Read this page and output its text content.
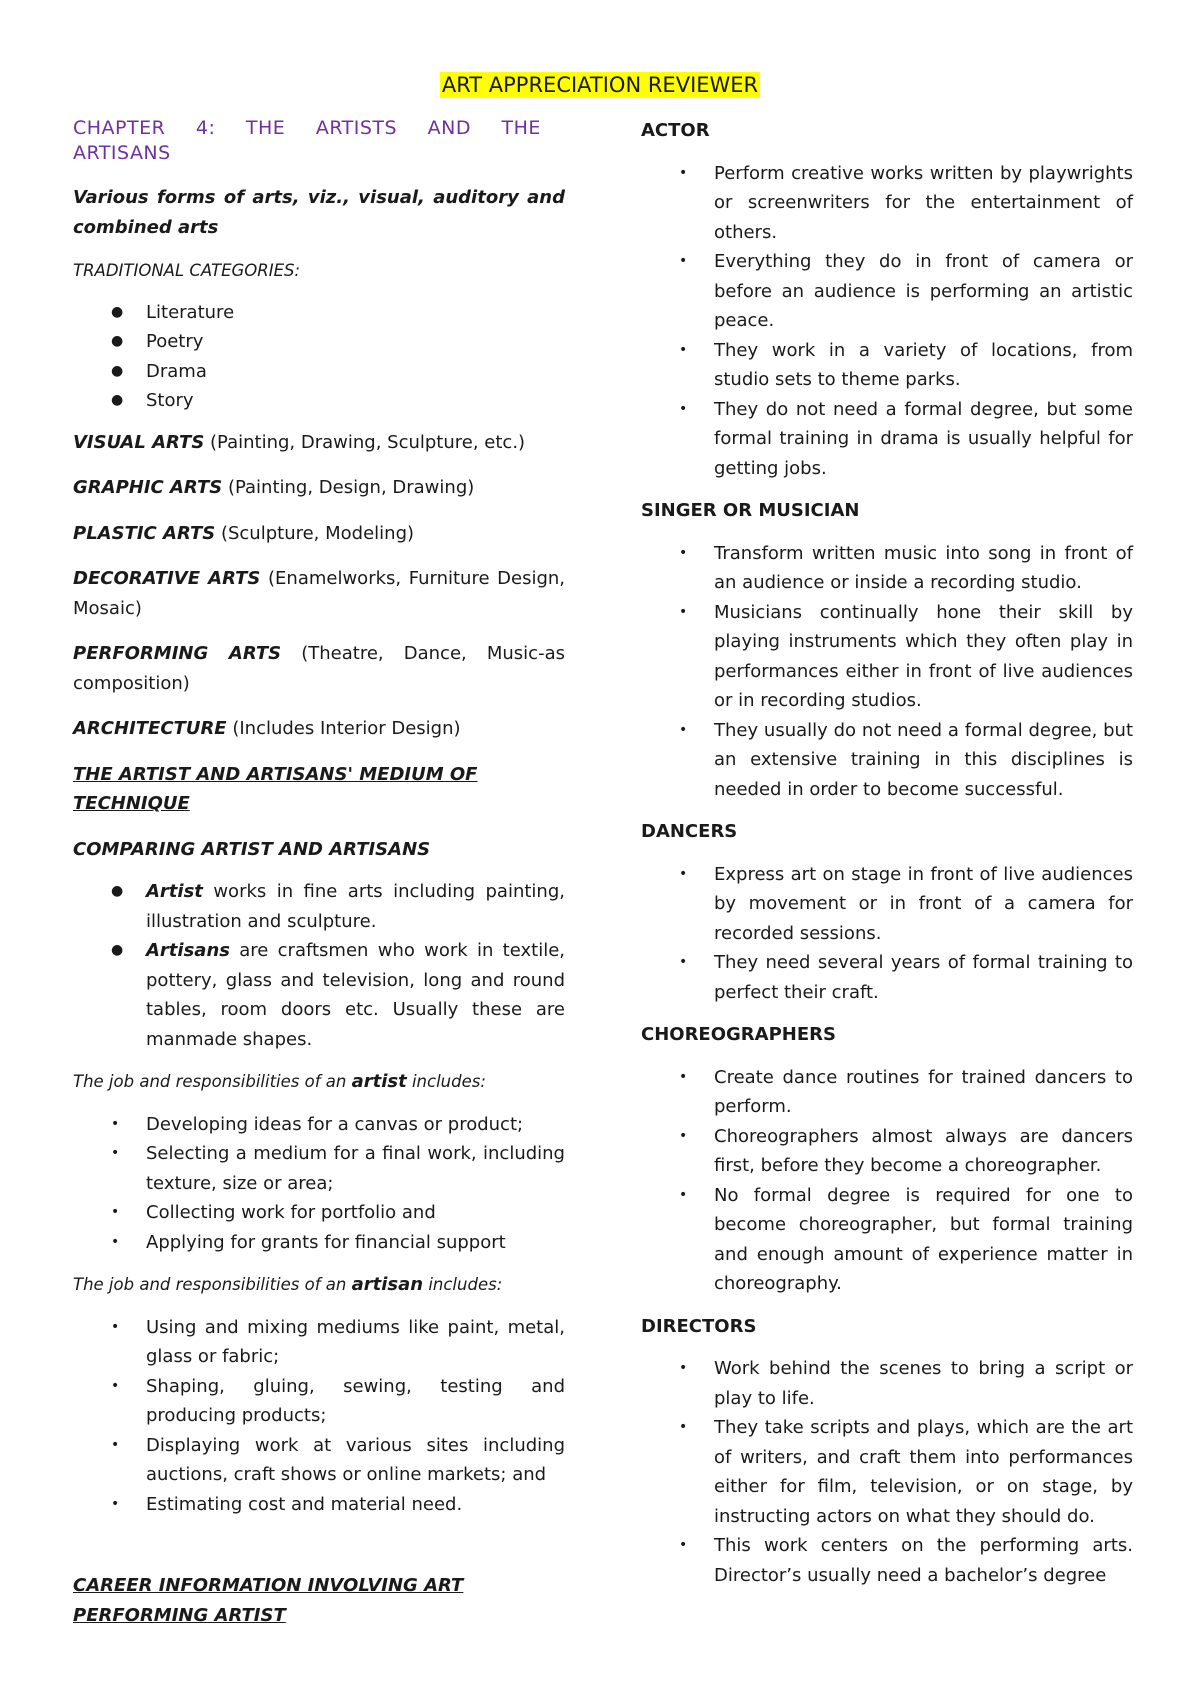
ART APPRECIATION REVIEWER

CHAPTER 4: THE ARTISTS AND THE

ARTISANS

Various forms of arts, viz., visual, auditory and combined arts

TRADITIONAL CATEGORIES:

● Literature
● Poetry
● Drama
● Story

VISUAL ARTS (Painting, Drawing, Sculpture, etc.)

GRAPHIC ARTS (Painting, Design, Drawing)

PLASTIC ARTS (Sculpture, Modeling)

DECORATIVE ARTS (Enamelworks, Furniture Design, Mosaic)

PERFORMING ARTS (Theatre, Dance, Music-as composition)

ARCHITECTURE (Includes Interior Design)

THE ARTIST AND ARTISANS' MEDIUM OF TECHNIQUE

COMPARING ARTIST AND ARTISANS

● Artist works in fine arts including painting, illustration and sculpture.
● Artisans are craftsmen who work in textile, pottery, glass and television, long and round tables, room doors etc. Usually these are manmade shapes.

The job and responsibilities of an artist includes:

• Developing ideas for a canvas or product;
• Selecting a medium for a final work, including texture, size or area;
• Collecting work for portfolio and
• Applying for grants for financial support

The job and responsibilities of an artisan includes:

• Using and mixing mediums like paint, metal, glass or fabric;
• Shaping, gluing, sewing, testing and producing products;
• Displaying work at various sites including auctions, craft shows or online markets; and
• Estimating cost and material need.

CAREER INFORMATION INVOLVING ART

PERFORMING ARTIST

ACTOR

• Perform creative works written by playwrights or screenwriters for the entertainment of others.
• Everything they do in front of camera or before an audience is performing an artistic peace.
• They work in a variety of locations, from studio sets to theme parks.
• They do not need a formal degree, but some formal training in drama is usually helpful for getting jobs.

SINGER OR MUSICIAN

• Transform written music into song in front of an audience or inside a recording studio.
• Musicians continually hone their skill by playing instruments which they often play in performances either in front of live audiences or in recording studios.
• They usually do not need a formal degree, but an extensive training in this disciplines is needed in order to become successful.

DANCERS

• Express art on stage in front of live audiences by movement or in front of a camera for recorded sessions.
• They need several years of formal training to perfect their craft.

CHOREOGRAPHERS

• Create dance routines for trained dancers to perform.
• Choreographers almost always are dancers first, before they become a choreographer.
• No formal degree is required for one to become choreographer, but formal training and enough amount of experience matter in choreography.

DIRECTORS

• Work behind the scenes to bring a script or play to life.
• They take scripts and plays, which are the art of writers, and craft them into performances either for film, television, or on stage, by instructing actors on what they should do.
• This work centers on the performing arts. Director’s usually need a bachelor’s degree
